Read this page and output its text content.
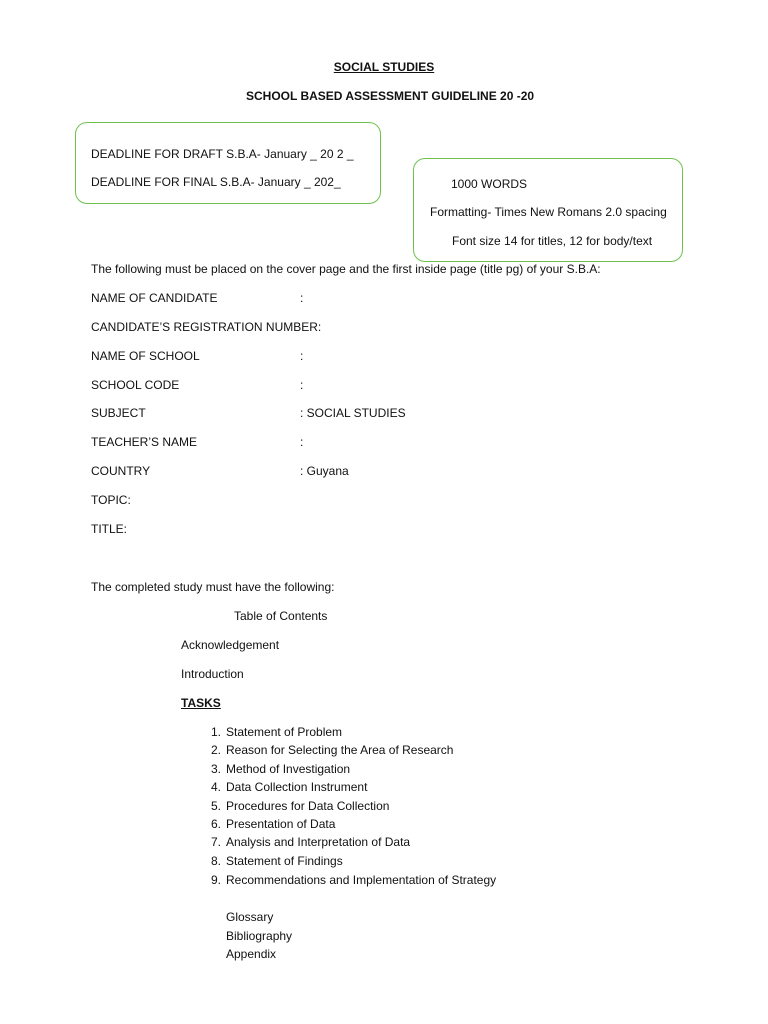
SOCIAL STUDIES
SCHOOL BASED ASSESSMENT GUIDELINE 20 -20
DEADLINE FOR DRAFT S.B.A- January _ 20 2 _
DEADLINE FOR FINAL S.B.A- January _ 202_	1000 WORDS
Formatting- Times New Romans 2.0 spacing
Font size 14 for titles, 12 for body/text
The following must be placed on the cover page and the first inside page (title pg) of your S.B.A:
NAME OF CANDIDATE	:
CANDIDATE’S REGISTRATION NUMBER:
NAME OF SCHOOL	:
SCHOOL CODE	:
SUBJECT	: SOCIAL STUDIES
TEACHER’S NAME	:
COUNTRY	: Guyana
TOPIC:
TITLE:
The completed study must have the following:
Table of Contents
Acknowledgement
Introduction
TASKS
1. Statement of Problem
2. Reason for Selecting the Area of Research
3. Method of Investigation
4. Data Collection Instrument
5. Procedures for Data Collection
6. Presentation of Data
7. Analysis and Interpretation of Data
8. Statement of Findings
9. Recommendations and Implementation of Strategy
Glossary
Bibliography
Appendix
